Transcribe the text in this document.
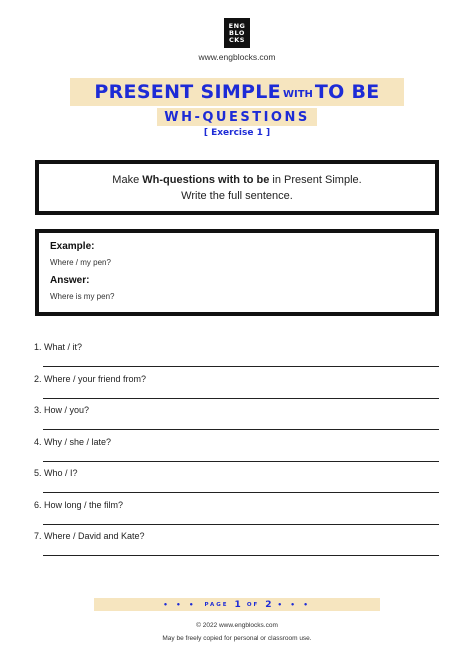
ENG
BLO
CKS
www.engblocks.com
PRESENT SIMPLE WITH TO BE
WH-QUESTIONS
[ Exercise 1 ]
Make Wh-questions with to be in Present Simple.
Write the full sentence.
Example:
Where / my pen?
Answer:
Where is my pen?
1. What / it?
2. Where / your friend from?
3. How / you?
4. Why / she / late?
5. Who / I?
6. How long / the film?
7. Where / David and Kate?
• • • PAGE 1 OF 2 • • •
© 2022 www.engblocks.com
May be freely copied for personal or classroom use.
